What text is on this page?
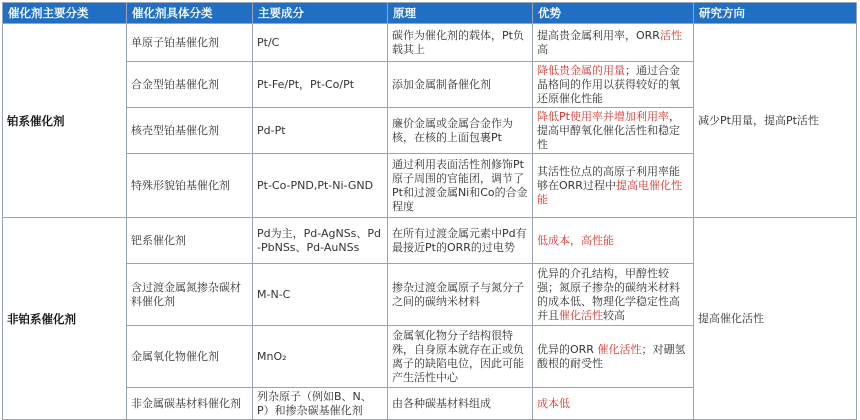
催化剂主要分类	催化剂具体分类	主要成分	原理	优势	研究方向
铂系催化剂	单原子铂基催化剂	Pt/C	碳作为催化剂的载体，Pt负载其上	提高贵金属利用率，ORR活性高	减少Pt用量，提高Pt活性
	合金型铂基催化剂	Pt-Fe/Pt，Pt-Co/Pt	添加金属制备催化剂	降低贵金属的用量；通过合金晶格间的作用以获得较好的氧还原催化性能	
	核壳型铂基催化剂	Pd-Pt	廉价金属或金属合金作为核，在核的上面包裹Pt	降低Pt使用率并增加利用率，提高甲醇氧化催化活性和稳定性	
	特殊形貌铂基催化剂	Pt-Co-PND,Pt-Ni-GND	通过利用表面活性剂修饰Pt原子周围的官能团，调节了Pt和过渡金属Ni和Co的合金程度	其活性位点的高原子利用率能够在ORR过程中提高电催化性能	
非铂系催化剂	钯系催化剂	Pd为主，Pd-AgNSs、Pd-PbNSs、Pd-AuNSs	在所有过渡金属元素中Pd有最接近Pt的ORR的过电势	低成本，高性能	提高催化活性
	含过渡金属氮掺杂碳材料催化剂	M-N-C	掺杂过渡金属原子与氮分子之间的碳纳米材料	优异的介孔结构，甲醇性较强；氮原子掺杂的碳纳米材料的成本低、物理化学稳定性高并且催化活性较高	
	金属氧化物催化剂	MnO₂	金属氧化物分子结构很特殊，自身原本就存在正或负离子的缺陷电位，因此可能产生活性中心	优异的ORR 催化活性；对硼氢酸根的耐受性	
	非金属碳基材料催化剂	列杂原子（例如B、N、P）和掺杂碳基催化剂	由各种碳基材料组成	成本低	
